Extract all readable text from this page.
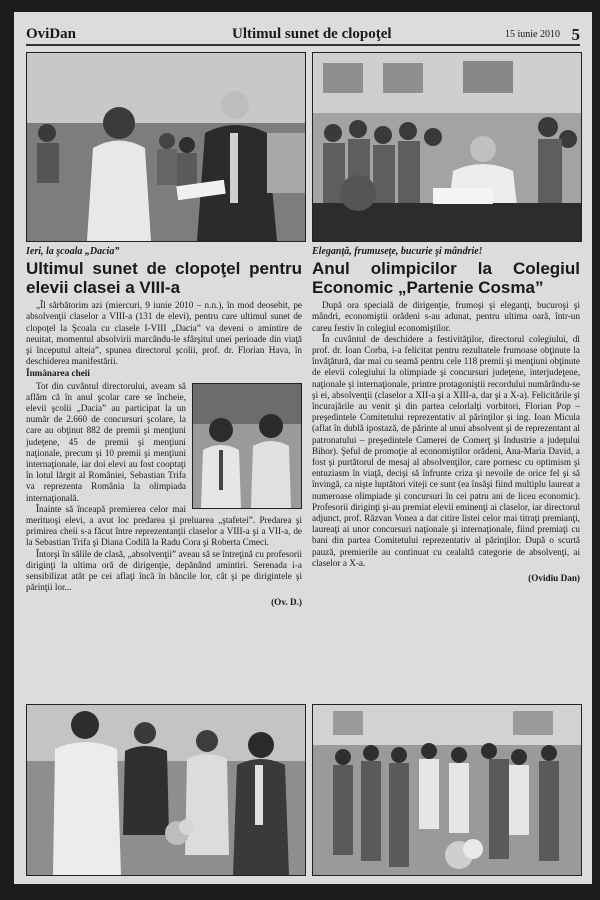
OviDan	Ultimul sunet de clopoţel	15 iunie 2010 5
Ieri, la şcoala „Dacia”
Ultimul sunet de clopoţel pentru elevii clasei a VIII-a

„Îl sărbătorim azi (miercuri, 9 iunie 2010 – n.n.), în mod deosebit, pe absolvenţii claselor a VIII-a (131 de elevi), pentru care ultimul sunet de clopoţel la Şcoala cu clasele I-VIII „Dacia” va deveni o amintire de neuitat, momentul absolvirii marcându-le sfârşitul unei perioade din viaţă şi începutul alteia”, spunea directorul şcolii, prof. dr. Florian Hava, în deschiderea manifestării.

Înmânarea cheii

Tot din cuvântul directorului, aveam să aflăm că în anul şcolar care se încheie, elevii şcolii „Dacia” au participat la un număr de 2.660 de concursuri şcolare, la care au obţinut 882 de premii şi menţiuni judeţene, 45 de premii şi menţiuni naţionale, precum şi 10 premii şi menţiuni internaţionale, iar doi elevi au fost cooptaţi în lotul lărgit al României, Sebastian Trifa va reprezenta România la olimpiada internaţională.

Înainte să înceapă premierea celor mai merituoşi elevi, a avut loc predarea şi preluarea „ştafetei”. Predarea şi primirea cheii s-a făcut între reprezentanţii claselor a VIII-a şi a VII-a, de la Sebastian Trifa şi Diana Codilă la Radu Cora şi Roberta Cmeci.

Întorşi în sălile de clasă, „absolvenţii” aveau să se întreţină cu profesorii diriginţi la ultima oră de dirigenţie, depănând amintiri. Serenada i-a sensibilizat atât pe cei aflaţi încă în băncile lor, cât şi pe dirigintele şi părinţii lor...

(Ov. D.)
Eleganţă, frumuseţe, bucurie şi mândrie!
Anul olimpicilor la Colegiul Economic „Partenie Cosma”

După ora specială de dirigenţie, frumoşi şi eleganţi, bucuroşi şi mândri, economiştii orădeni s-au adunat, pentru ultima oară, într-un careu festiv în colegiul economiştilor.

În cuvântul de deschidere a festivităţilor, directorul colegiului, dl prof. dr. Ioan Corba, i-a felicitat pentru rezultatele frumoase obţinute la învăţătură, dar mai cu seamă pentru cele 118 premii şi menţiuni obţinute de elevii colegiului la olimpiade şi concursuri judeţene, interjudeţene, naţionale şi internaţionale, printre protagoniştii recordului numărându-se şi ei, absolvenţii (claselor a XII-a şi a XIII-a, dar şi a X-a). Felicitările şi încurajările au venit şi din partea celorlalţi vorbitori, Florian Pop – preşedintele Comitetului reprezentativ al părinţilor şi ing. Ioan Micula (aflat în dublă ipostază, de părinte al unui absolvent şi de reprezentant al patronatului – preşedintele Camerei de Comerţ şi Industrie a judeţului Bihor). Şeful de promoţie al economiştilor orădeni, Ana-Maria David, a fost şi purtătorul de mesaj al absolvenţilor, care pornesc cu optimism şi entuziasm în viaţă, decişi să înfrunte criza şi nevoile de orice fel şi să învingă, ca nişte luptători viteji ce sunt (ea însăşi fiind multiplu laureat a numeroase olimpiade şi concursuri în cei patru ani de liceu economic). Profesorii diriginţi şi-au premiat elevii eminenţi ai claselor, iar directorul adjunct, prof. Răzvan Vonea a dat citire listei celor mai titraţi premianţi, laureaţi ai unor concursuri naţionale şi internaţionale, fiind premiaţi cu bani din partea Comitetului reprezentativ al părinţilor. După o scurtă pauză, premierile au continuat cu cealaltă categorie de absolvenţi, ai claselor a X-a.

(Ovidiu Dan)
